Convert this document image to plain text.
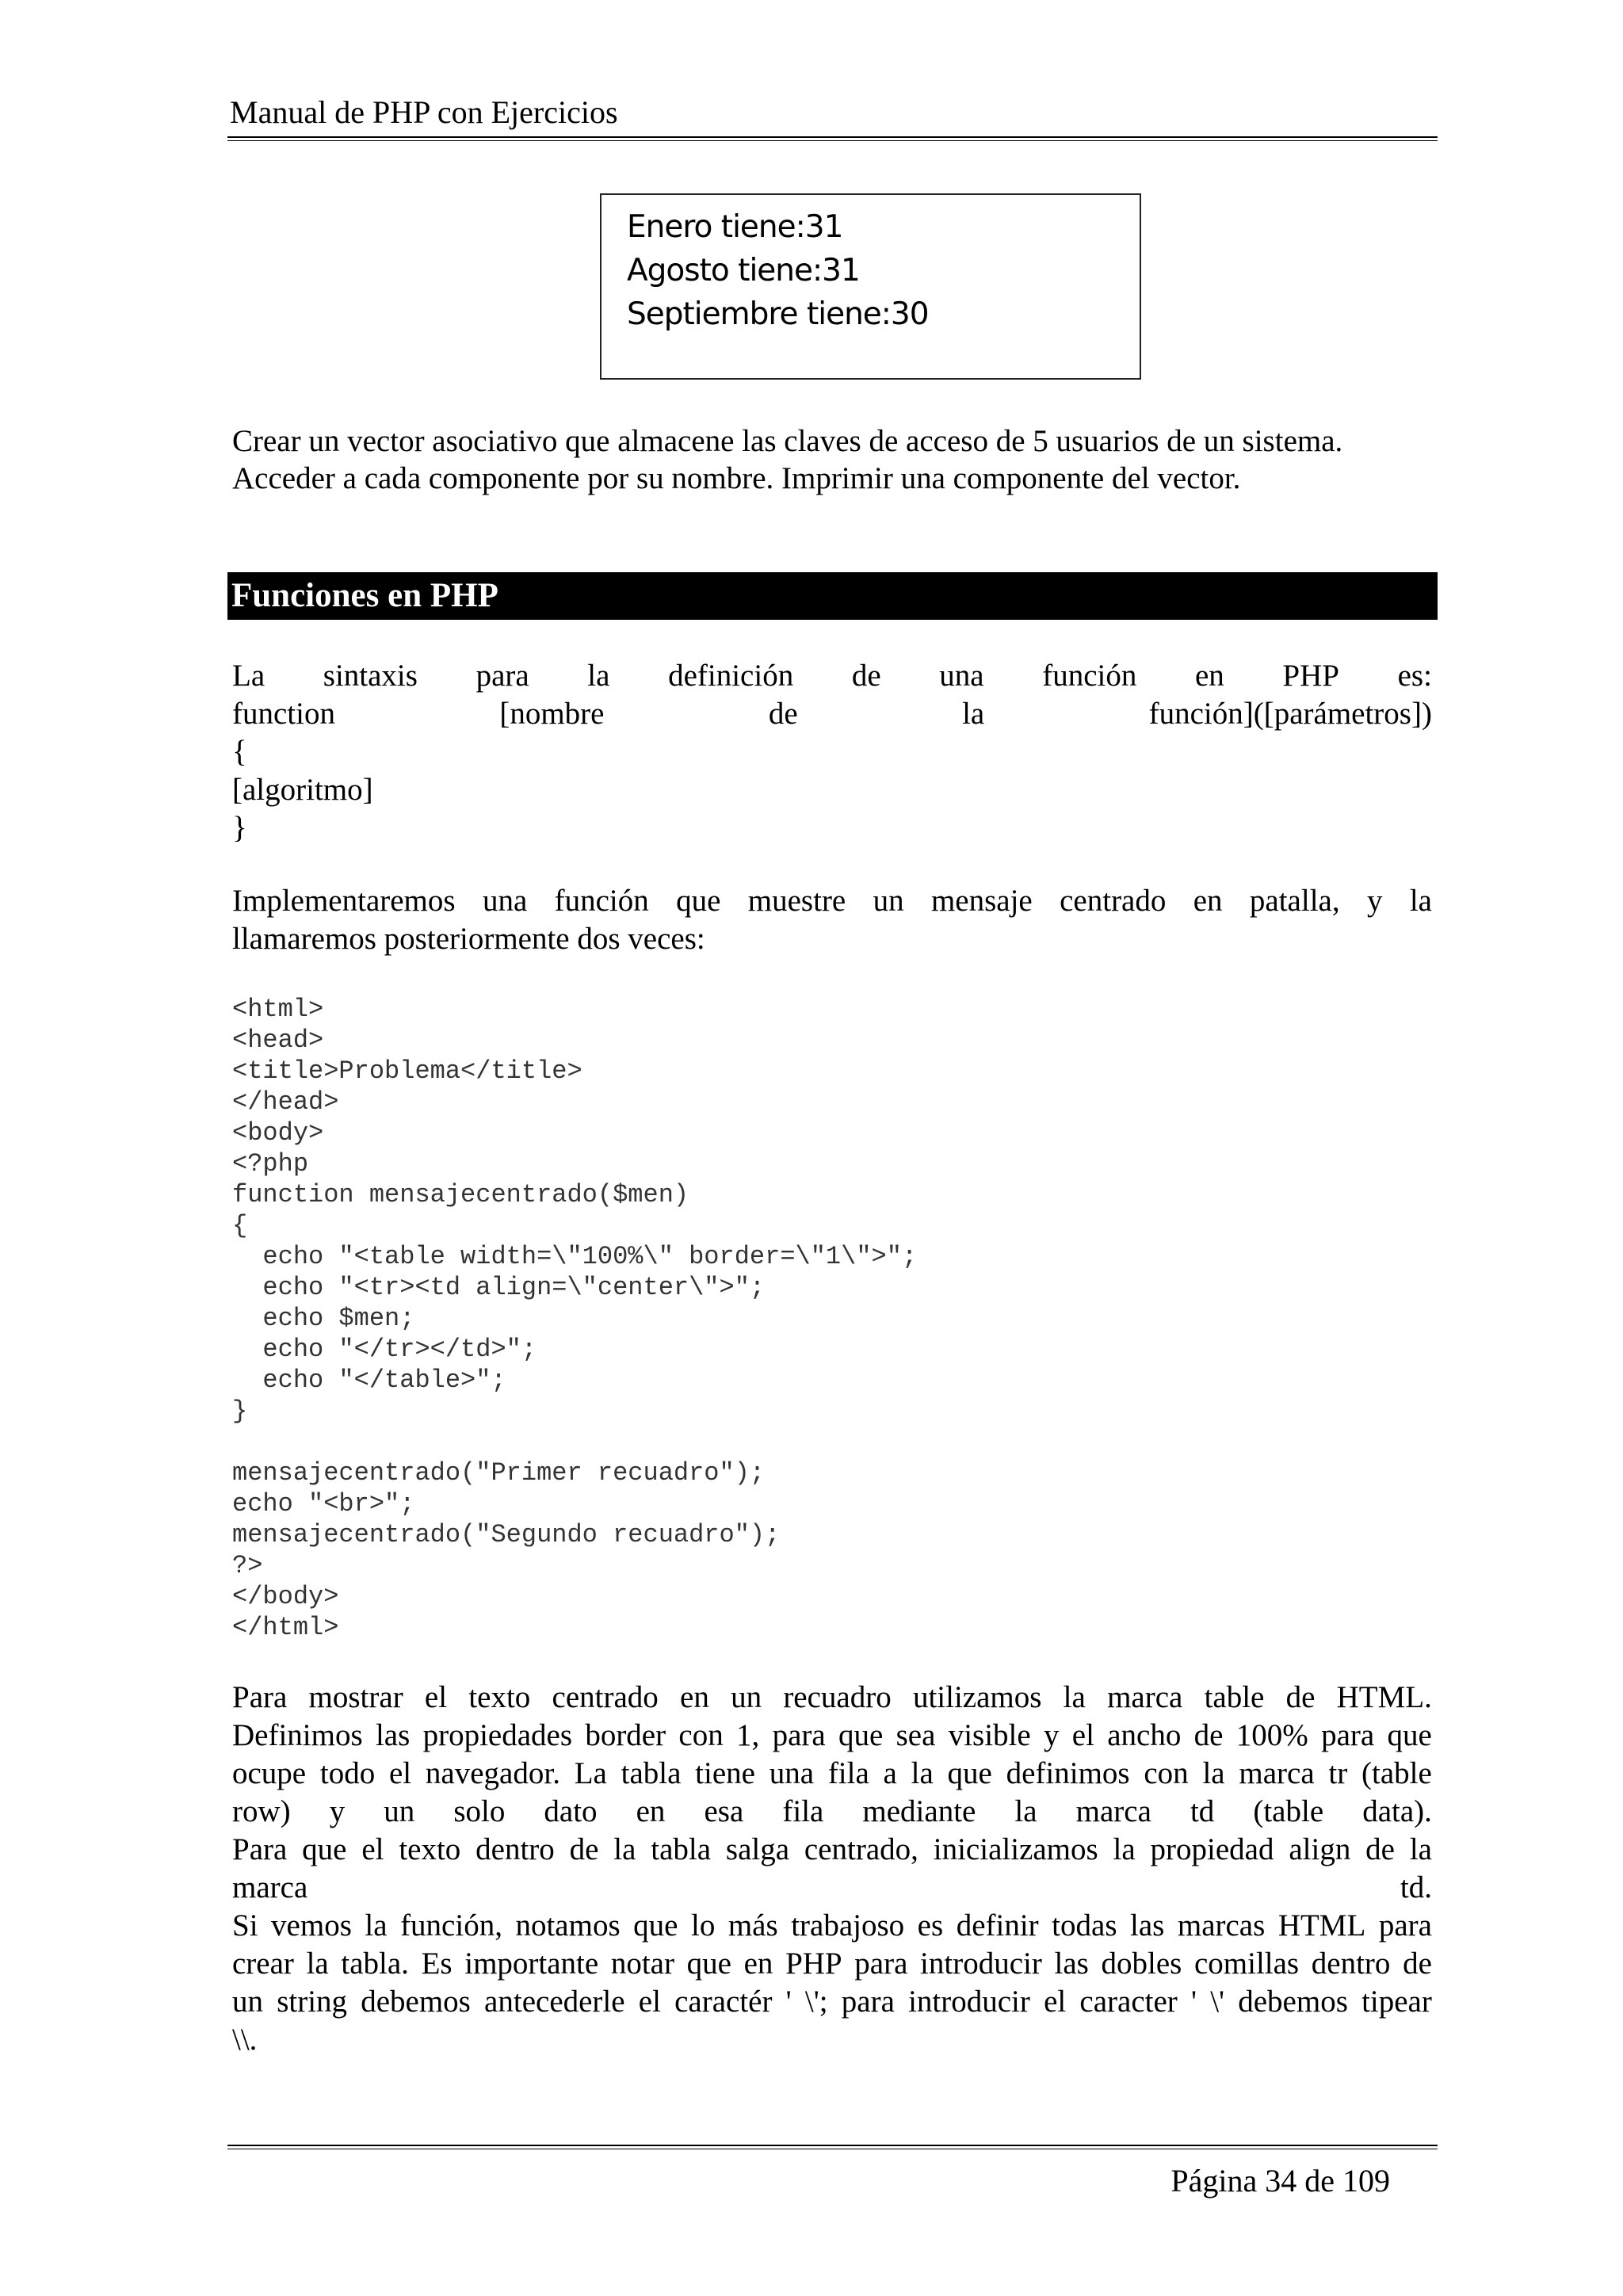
Manual de PHP con Ejercicios
Enero tiene:31
Agosto tiene:31
Septiembre tiene:30
Crear un vector asociativo que almacene las claves de acceso de 5 usuarios de un sistema.
Acceder a cada componente por su nombre. Imprimir una componente del vector.
Funciones en PHP
La sintaxis para la definición de una función en PHP es:
function	[nombre	de	la	función]([parámetros])
{
[algoritmo]
}
Implementaremos una función que muestre un mensaje centrado en patalla, y la
llamaremos posteriormente dos veces:
<html>
<head>
<title>Problema</title>
</head>
<body>
<?php
function mensajecentrado($men)
{
echo "<table width=\"100%\" border=\"1\">";
echo "<tr><td align=\"center\">";
echo $men;
echo "</tr></td>";
echo "</table>";
}

mensajecentrado("Primer recuadro");
echo "<br>";
mensajecentrado("Segundo recuadro");
?>
</body>
</html>
Para mostrar el texto centrado en un recuadro utilizamos la marca table de HTML.
Definimos las propiedades border con 1, para que sea visible y el ancho de 100% para que
ocupe todo el navegador. La tabla tiene una fila a la que definimos con la marca tr (table
row) y un solo dato en esa fila mediante la marca td (table data).
Para que el texto dentro de la tabla salga centrado, inicializamos la propiedad align de la
marca	td.
Si vemos la función, notamos que lo más trabajoso es definir todas las marcas HTML para
crear la tabla. Es importante notar que en PHP para introducir las dobles comillas dentro de
un string debemos antecederle el caractér ' \'; para introducir el caracter ' \' debemos tipear
\\.
Página 34 de 109
